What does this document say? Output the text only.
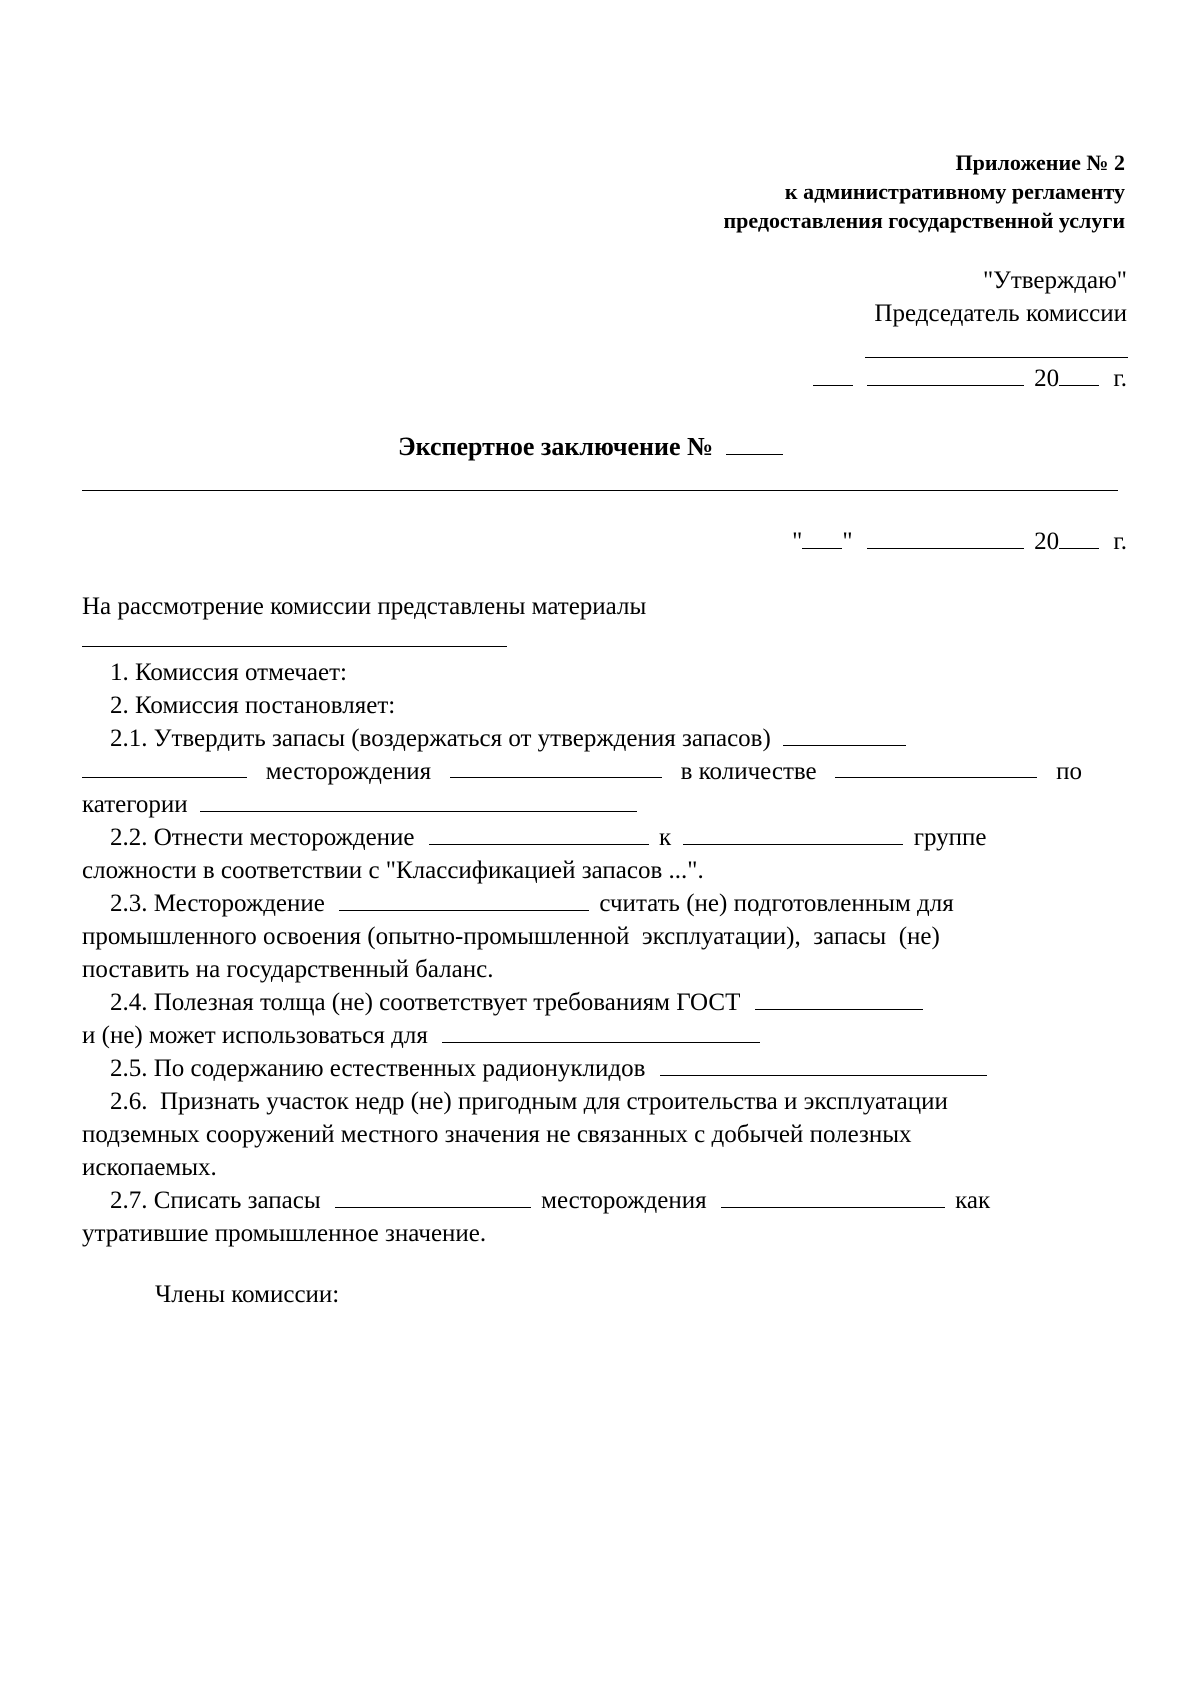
Приложение № 2
к административному регламенту
предоставления государственной услуги
"Утверждаю"
Председатель комиссии
20 г.
Экспертное заключение №
" "	20 г.
На рассмотрение комиссии представлены материалы
1. Комиссия отмечает:
2. Комиссия постановляет:
2.1. Утвердить запасы (воздержаться от утверждения запасов)
месторождения	в количестве	по
категории
2.2. Отнести месторождение	к	группе
сложности в соответствии с "Классификацией запасов ...".
2.3. Месторождение	считать (не) подготовленным для
промышленного освоения (опытно-промышленной  эксплуатации),  запасы  (не)
поставить на государственный баланс.
2.4. Полезная толща (не) соответствует требованиям ГОСТ
и (не) может использоваться для
2.5. По содержанию естественных радионуклидов
2.6.  Признать участок недр (не) пригодным для строительства и эксплуатации
подземных сооружений местного значения не связанных с добычей полезных
ископаемых.
2.7. Списать запасы	месторождения	как
утратившие промышленное значение.
Члены комиссии:
